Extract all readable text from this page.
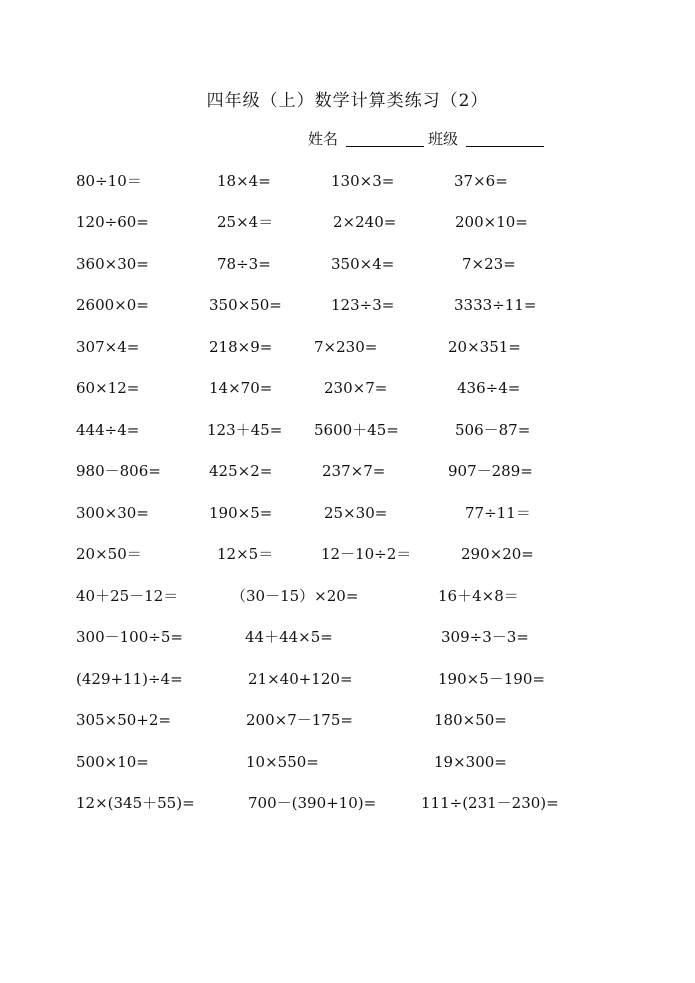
四年级（上）数学计算类练习（2）
姓名	班级
80÷10＝	18×4=	130×3=	37×6=
120÷60=	25×4＝	2×240=	200×10=
360×30=	78÷3=	350×4=	7×23=
2600×0=	350×50=	123÷3=	3333÷11=
307×4=	218×9=	7×230=	20×351=
60×12=	14×70=	230×7=	436÷4=
444÷4=	123＋45= 5600＋45=	506－87=
980－806=	425×2=	237×7=	907－289=
300×30=	190×5=	25×30=	77÷11＝
20×50＝	12×5＝	12－10÷2＝	290×20=
40＋25－12＝	（30－15）×20=	16＋4×8＝
300－100÷5=	44＋44×5=	309÷3－3=
(429+11)÷4=	21×40+120=	190×5－190=
305×50+2=	200×7－175=	180×50=
500×10=	10×550=	19×300=
12×(345＋55)=	700－(390+10)=	111÷(231－230)=
